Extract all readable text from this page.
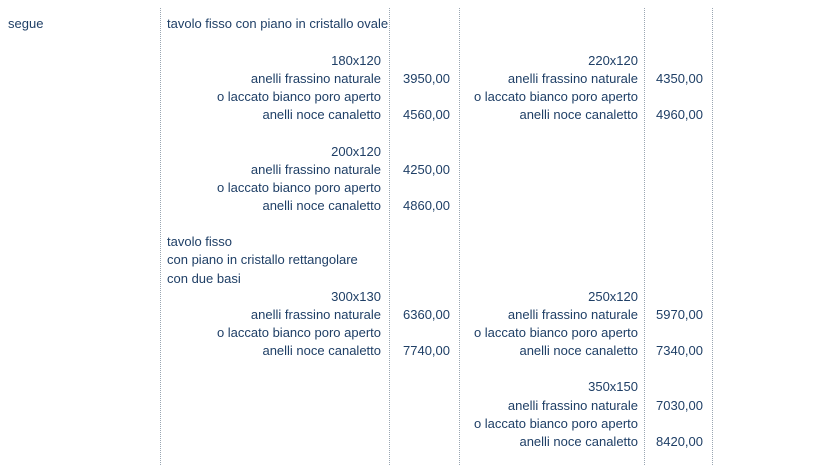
segue	tavolo fisso con piano in cristallo ovale
180x120
anelli frassino naturale 3950,00
o laccato bianco poro aperto
anelli noce canaletto 4560,00
220x120
anelli frassino naturale 4350,00
o laccato bianco poro aperto
anelli noce canaletto 4960,00
200x120
anelli frassino naturale 4250,00
o laccato bianco poro aperto
anelli noce canaletto 4860,00
tavolo fisso
con piano in cristallo rettangolare
con due basi
300x130
anelli frassino naturale 6360,00
o laccato bianco poro aperto
anelli noce canaletto 7740,00
250x120
anelli frassino naturale 5970,00
o laccato bianco poro aperto
anelli noce canaletto 7340,00
350x150
anelli frassino naturale 7030,00
o laccato bianco poro aperto
anelli noce canaletto 8420,00
